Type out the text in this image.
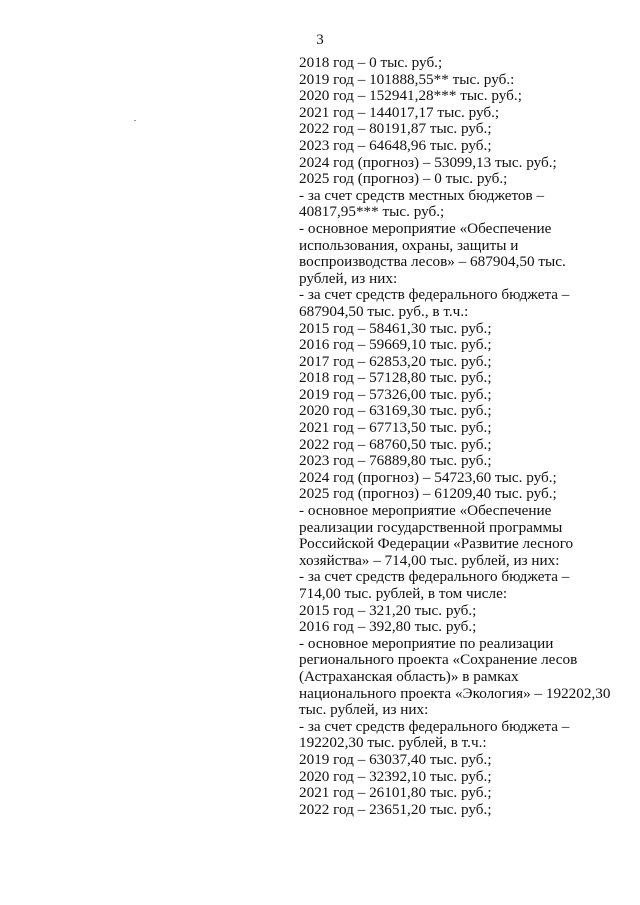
3
2018 год – 0 тыс. руб.;
2019 год – 101888,55** тыс. руб.:
2020 год – 152941,28*** тыс. руб.;
2021 год – 144017,17 тыс. руб.;
2022 год – 80191,87 тыс. руб.;
2023 год – 64648,96 тыс. руб.;
2024 год (прогноз) – 53099,13 тыс. руб.;
2025 год (прогноз) – 0 тыс. руб.;
- за счет средств местных бюджетов –
40817,95*** тыс. руб.;
- основное мероприятие «Обеспечение
использования, охраны, защиты и
воспроизводства лесов» – 687904,50 тыс.
рублей, из них:
- за счет средств федерального бюджета –
687904,50 тыс. руб., в т.ч.:
2015 год – 58461,30 тыс. руб.;
2016 год – 59669,10 тыс. руб.;
2017 год – 62853,20 тыс. руб.;
2018 год – 57128,80 тыс. руб.;
2019 год – 57326,00 тыс. руб.;
2020 год – 63169,30 тыс. руб.;
2021 год – 67713,50 тыс. руб.;
2022 год – 68760,50 тыс. руб.;
2023 год – 76889,80 тыс. руб.;
2024 год (прогноз) – 54723,60 тыс. руб.;
2025 год (прогноз) – 61209,40 тыс. руб.;
- основное мероприятие «Обеспечение
реализации государственной программы
Российской Федерации «Развитие лесного
хозяйства» – 714,00 тыс. рублей, из них:
- за счет средств федерального бюджета –
714,00 тыс. рублей, в том числе:
2015 год – 321,20 тыс. руб.;
2016 год – 392,80 тыс. руб.;
- основное мероприятие по реализации
регионального проекта «Сохранение лесов
(Астраханская область)» в рамках
национального проекта «Экология» – 192202,30
тыс. рублей, из них:
- за счет средств федерального бюджета –
192202,30 тыс. рублей, в т.ч.:
2019 год – 63037,40 тыс. руб.;
2020 год – 32392,10 тыс. руб.;
2021 год – 26101,80 тыс. руб.;
2022 год – 23651,20 тыс. руб.;
